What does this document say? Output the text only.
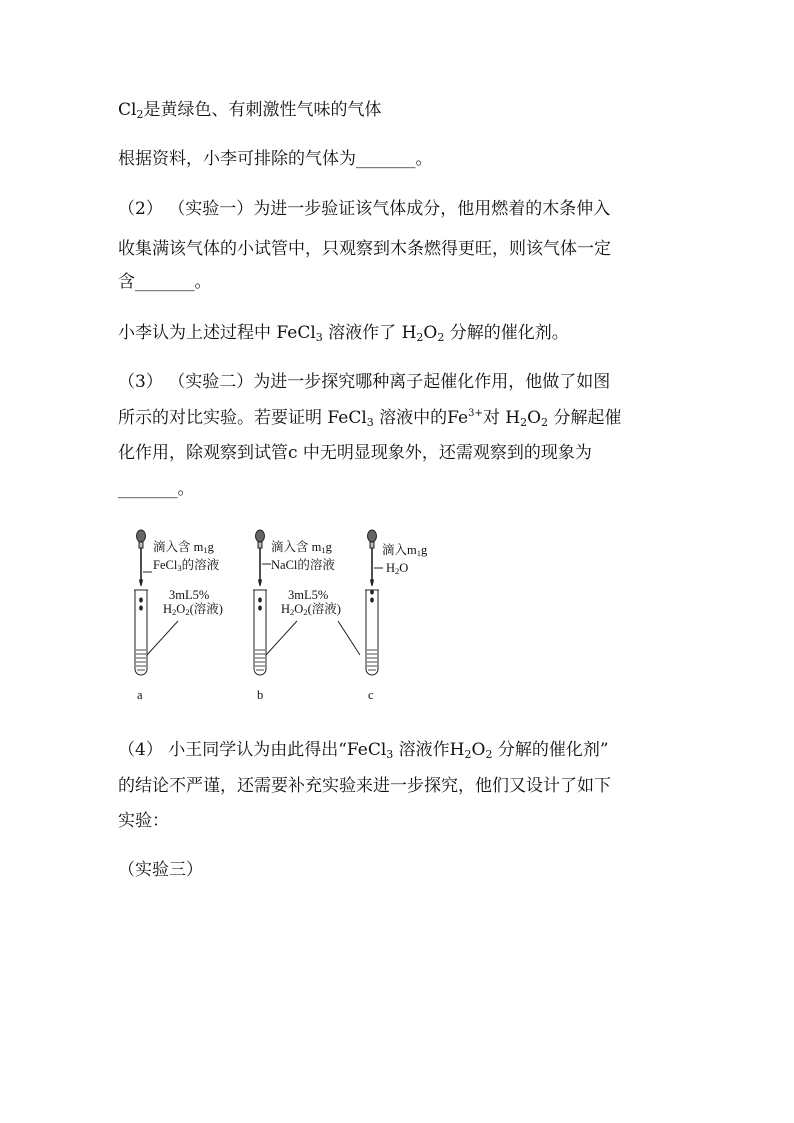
$Cl_2$是黄绿色、有刺激性气味的气体
根据资料，小李可排除的气体为_______。
（2） （实验一）为进一步验证该气体成分，他用燃着的木条伸入
收集满该气体的小试管中，只观察到木条燃得更旺，则该气体一定
含_______。
小李认为上述过程中 FeCl$_3$ 溶液作了 $H_2O_2$ 分解的催化剂。
（3） （实验二）为进一步探究哪种离子起催化作用，他做了如图
所示的对比实验。若要证明 FeCl$_3$ 溶液中的$Fe^{3+}$对 $H_2O_2$ 分解起催
化作用，除观察到试管c 中无明显现象外，还需观察到的现象为
_______。
滴入含 $m_1g$
FeCl$_3$的溶液
3mL5%
$H_2O_2$(溶液)
a
滴入含 $m_1g$
NaCl的溶液
3mL5%
$H_2O_2$(溶液)
b
滴入$m_1g$
$H_2O$
c
（4） 小王同学认为由此得出“FeCl$_3$ 溶液作$H_2O_2$ 分解的催化剂”
的结论不严谨，还需要补充实验来进一步探究，他们又设计了如下
实验：
（实验三）
